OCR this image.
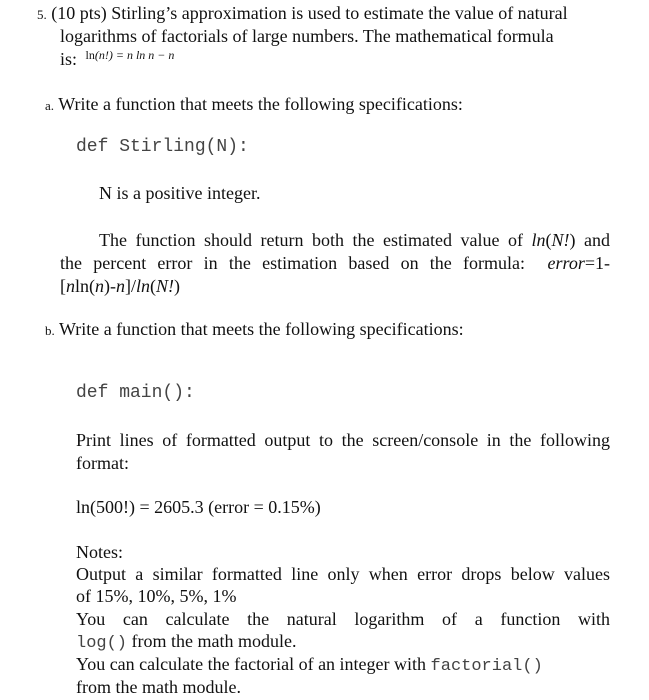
5. (10 pts) Stirling’s approximation is used to estimate the value of natural
logarithms of factorials of large numbers. The mathematical formula
is: $^{ln(n!) = n ln n - n}$
a. Write a function that meets the following specifications:
def Stirling(N):
N is a positive integer.
The function should return both the estimated value of ln(N!) and
the percent error in the estimation based on the formula:  error=1-
[nln(n)-n]/ln(N!)
b. Write a function that meets the following specifications:
def main():
Print lines of formatted output to the screen/console in the following
format:
ln(500!) = 2605.3 (error = 0.15%)
Notes:
Output a similar formatted line only when error drops below values
of 15%, 10%, 5%, 1%
You can calculate the natural logarithm of a function with
log() from the math module.
You can calculate the factorial of an integer with factorial()
from the math module.
